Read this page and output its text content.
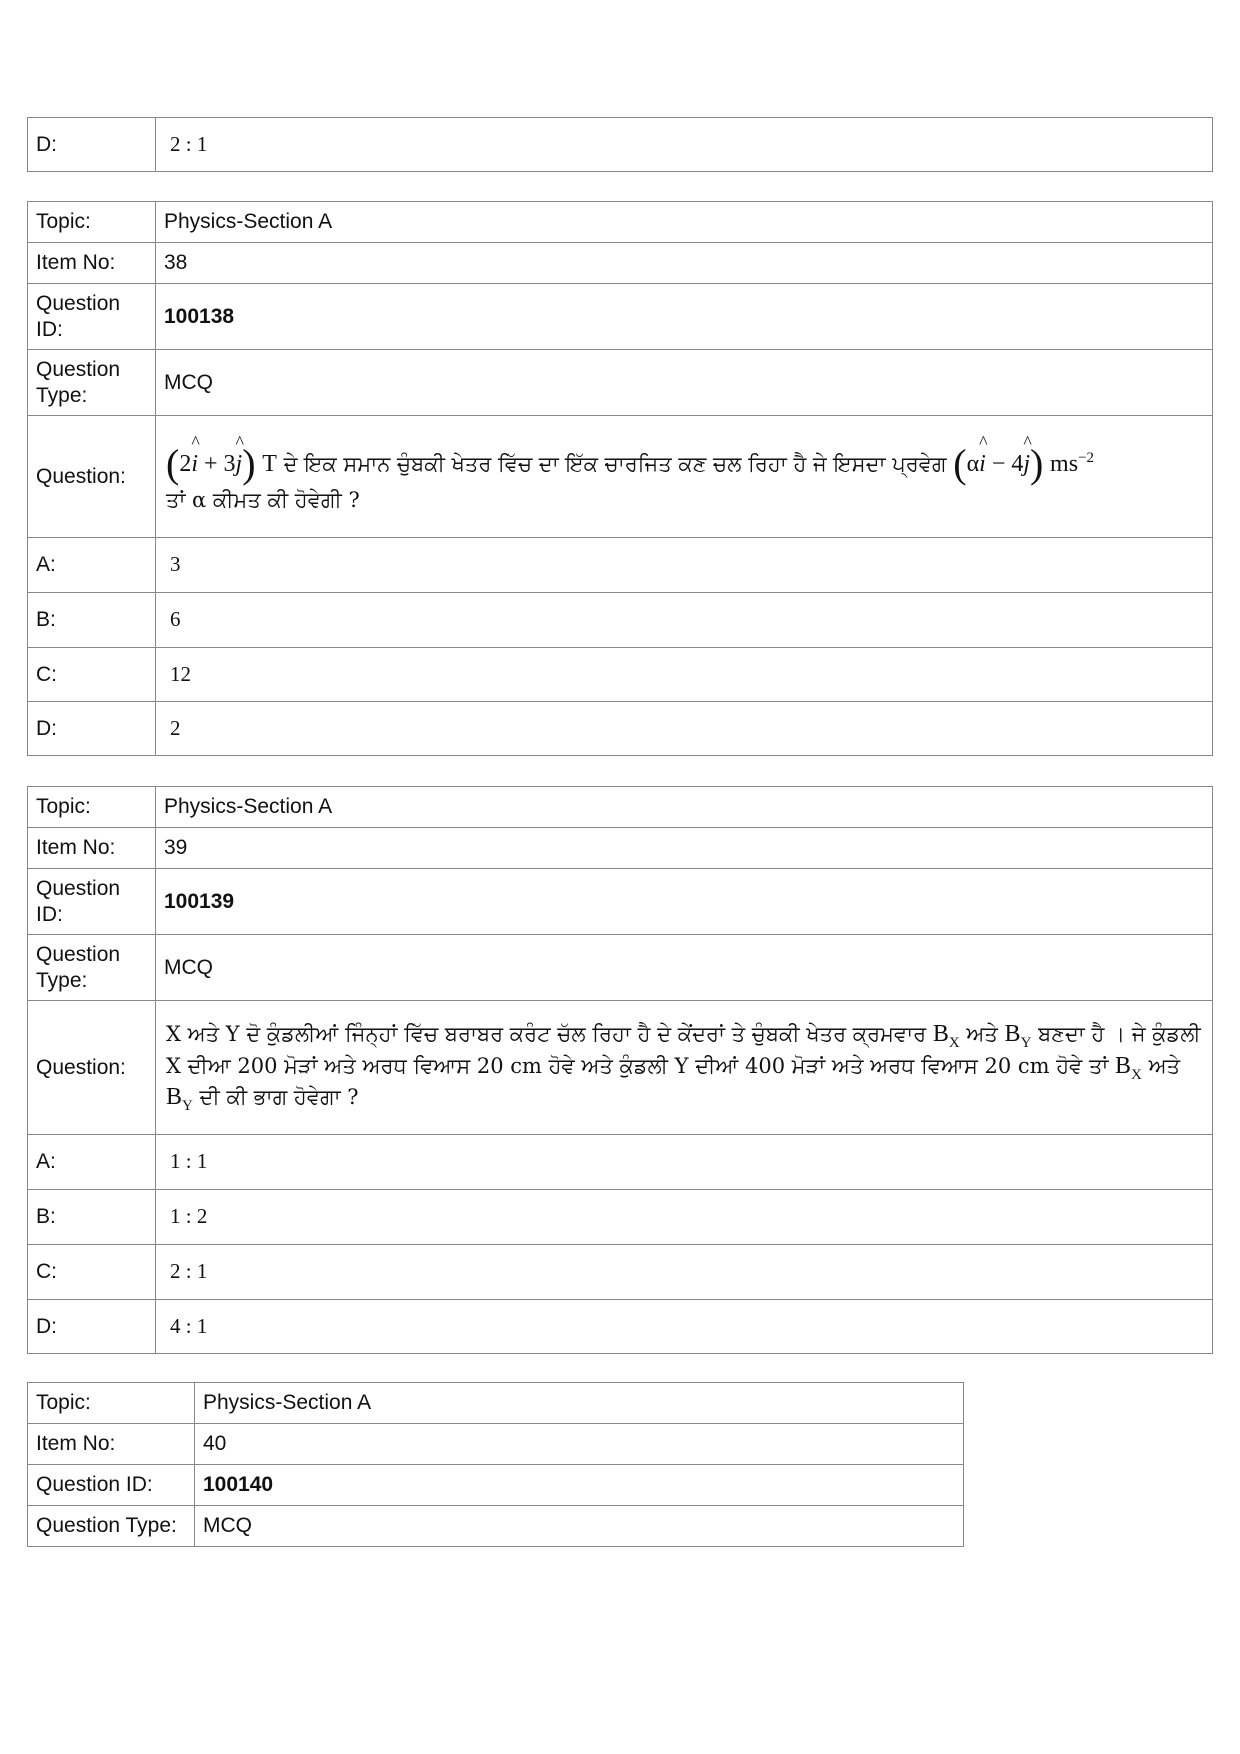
D:	2 : 1
Topic:	Physics-Section A
Item No:	38
Question ID:	100138
Question Type:	MCQ
Question:	(2^ i + 3^ j) T ਦੇ ਇਕ ਸਮਾਨ ਚੁੰਬਕੀ ਖੇਤਰ ਵਿੱਚ ਦਾ ਇੱਕ ਚਾਰਜਿਤ ਕਣ ਚਲ ਰਿਹਾ ਹੈ ਜੇ ਇਸਦਾ ਪ੍ਰਵੇਗ (α^ i − 4^ j) $ms^{-2}$
ਤਾਂ α ਕੀਮਤ ਕੀ ਹੋਵੇਗੀ ?
A:	3
B:	6
C:	12
D:	2
Topic:	Physics-Section A
Item No:	39
Question ID:	100139
Question Type:	MCQ
Question:	X ਅਤੇ Y ਦੋ ਕੁੰਡਲੀਆਂ ਜਿੰਨ੍ਹਾਂ ਵਿੱਚ ਬਰਾਬਰ ਕਰੰਟ ਚੱਲ ਰਿਹਾ ਹੈ ਦੇ ਕੇਂਦਰਾਂ ਤੇ ਚੁੰਬਕੀ ਖੇਤਰ ਕ੍ਰਮਵਾਰ $B_X$ ਅਤੇ $B_Y$ ਬਣਦਾ ਹੈ । ਜੇ ਕੁੰਡਲੀ X ਦੀਆ 200 ਮੋੜਾਂ ਅਤੇ ਅਰਧ ਵਿਆਸ 20 cm ਹੋਵੇ ਅਤੇ ਕੁੰਡਲੀ Y ਦੀਆਂ 400 ਮੋੜਾਂ ਅਤੇ ਅਰਧ ਵਿਆਸ 20 cm ਹੋਵੇ ਤਾਂ $B_X$ ਅਤੇ $B_Y$ ਦੀ ਕੀ ਭਾਗ ਹੋਵੇਗਾ ?
A:	1 : 1
B:	1 : 2
C:	2 : 1
D:	4 : 1
Topic:	Physics-Section A
Item No:	40
Question ID:	100140
Question Type:	MCQ
